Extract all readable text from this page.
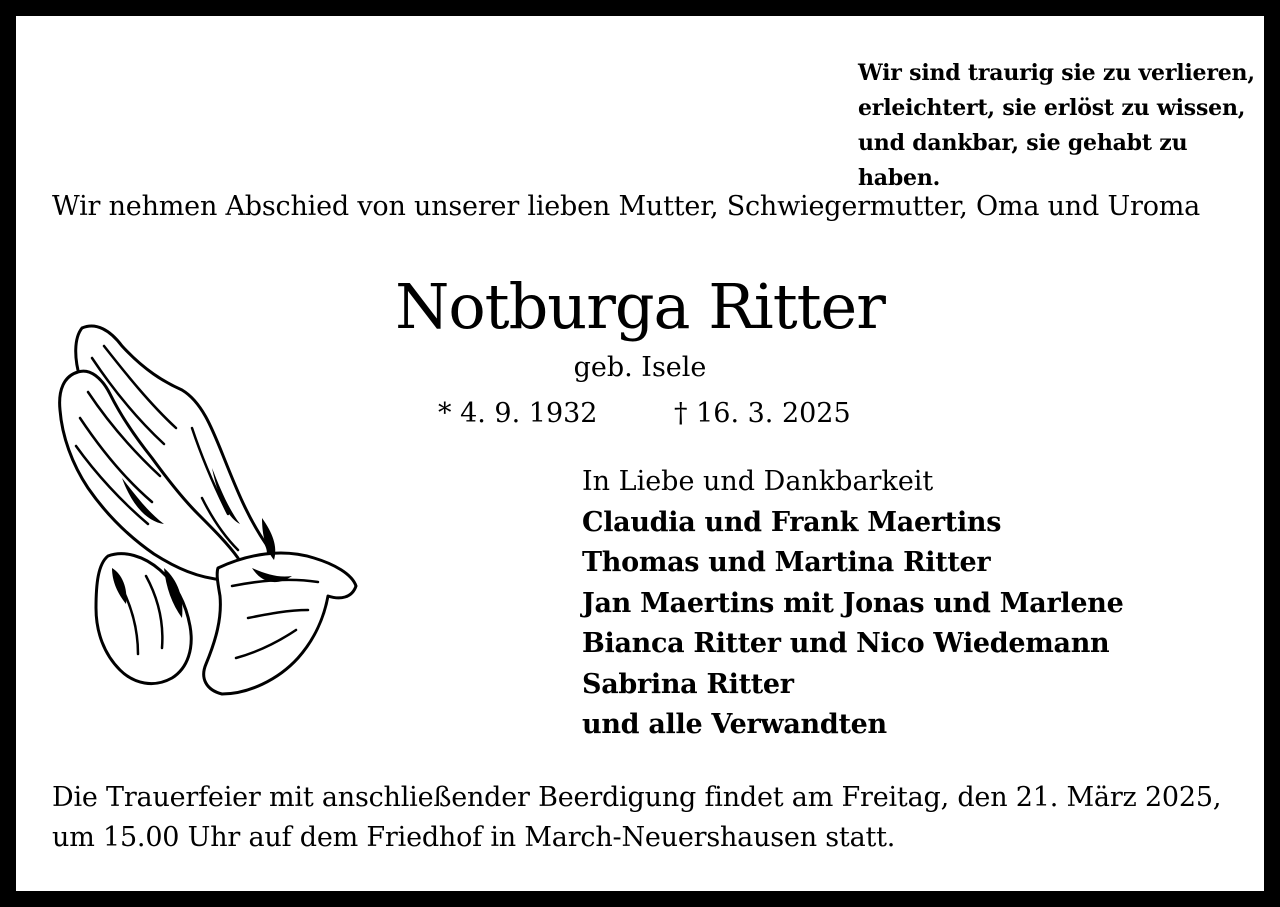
Wir sind traurig sie zu verlieren,
erleichtert, sie erlöst zu wissen,
und dankbar, sie gehabt zu haben.
Wir nehmen Abschied von unserer lieben Mutter, Schwiegermutter, Oma und Uroma
Notburga Ritter
geb. Isele
* 4. 9. 1932	† 16. 3. 2025
In Liebe und Dankbarkeit
Claudia und Frank Maertins
Thomas und Martina Ritter
Jan Maertins mit Jonas und Marlene
Bianca Ritter und Nico Wiedemann
Sabrina Ritter
und alle Verwandten
Die Trauerfeier mit anschließender Beerdigung findet am Freitag, den 21. März 2025,
um 15.00 Uhr auf dem Friedhof in March-Neuershausen statt.
